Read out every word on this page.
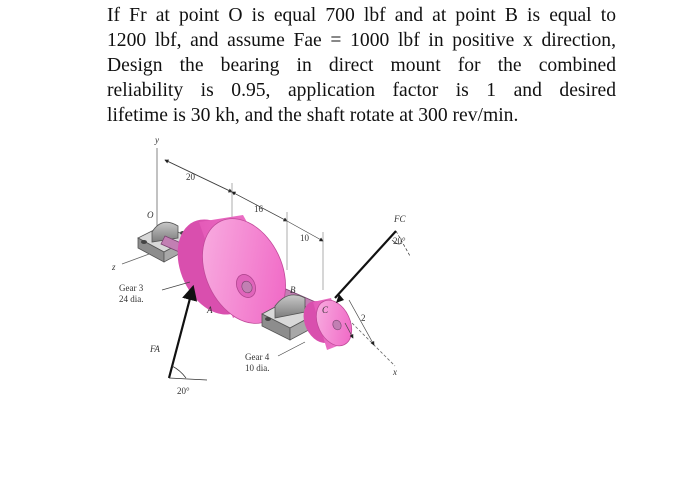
If Fr at point O is equal 700 lbf and at point B is equal to
1200 lbf, and assume Fae = 1000 lbf in positive x direction,
Design the bearing in direct mount for the combined
reliability is 0.95, application factor is 1 and desired
lifetime is 30 kh, and the shaft rotate at 300 rev/min.
y
z
x
20
16
10
2
O
B
C
Gear 3
24 dia.
Gear 4
10 dia.
A
FA
20°
FC
20°
